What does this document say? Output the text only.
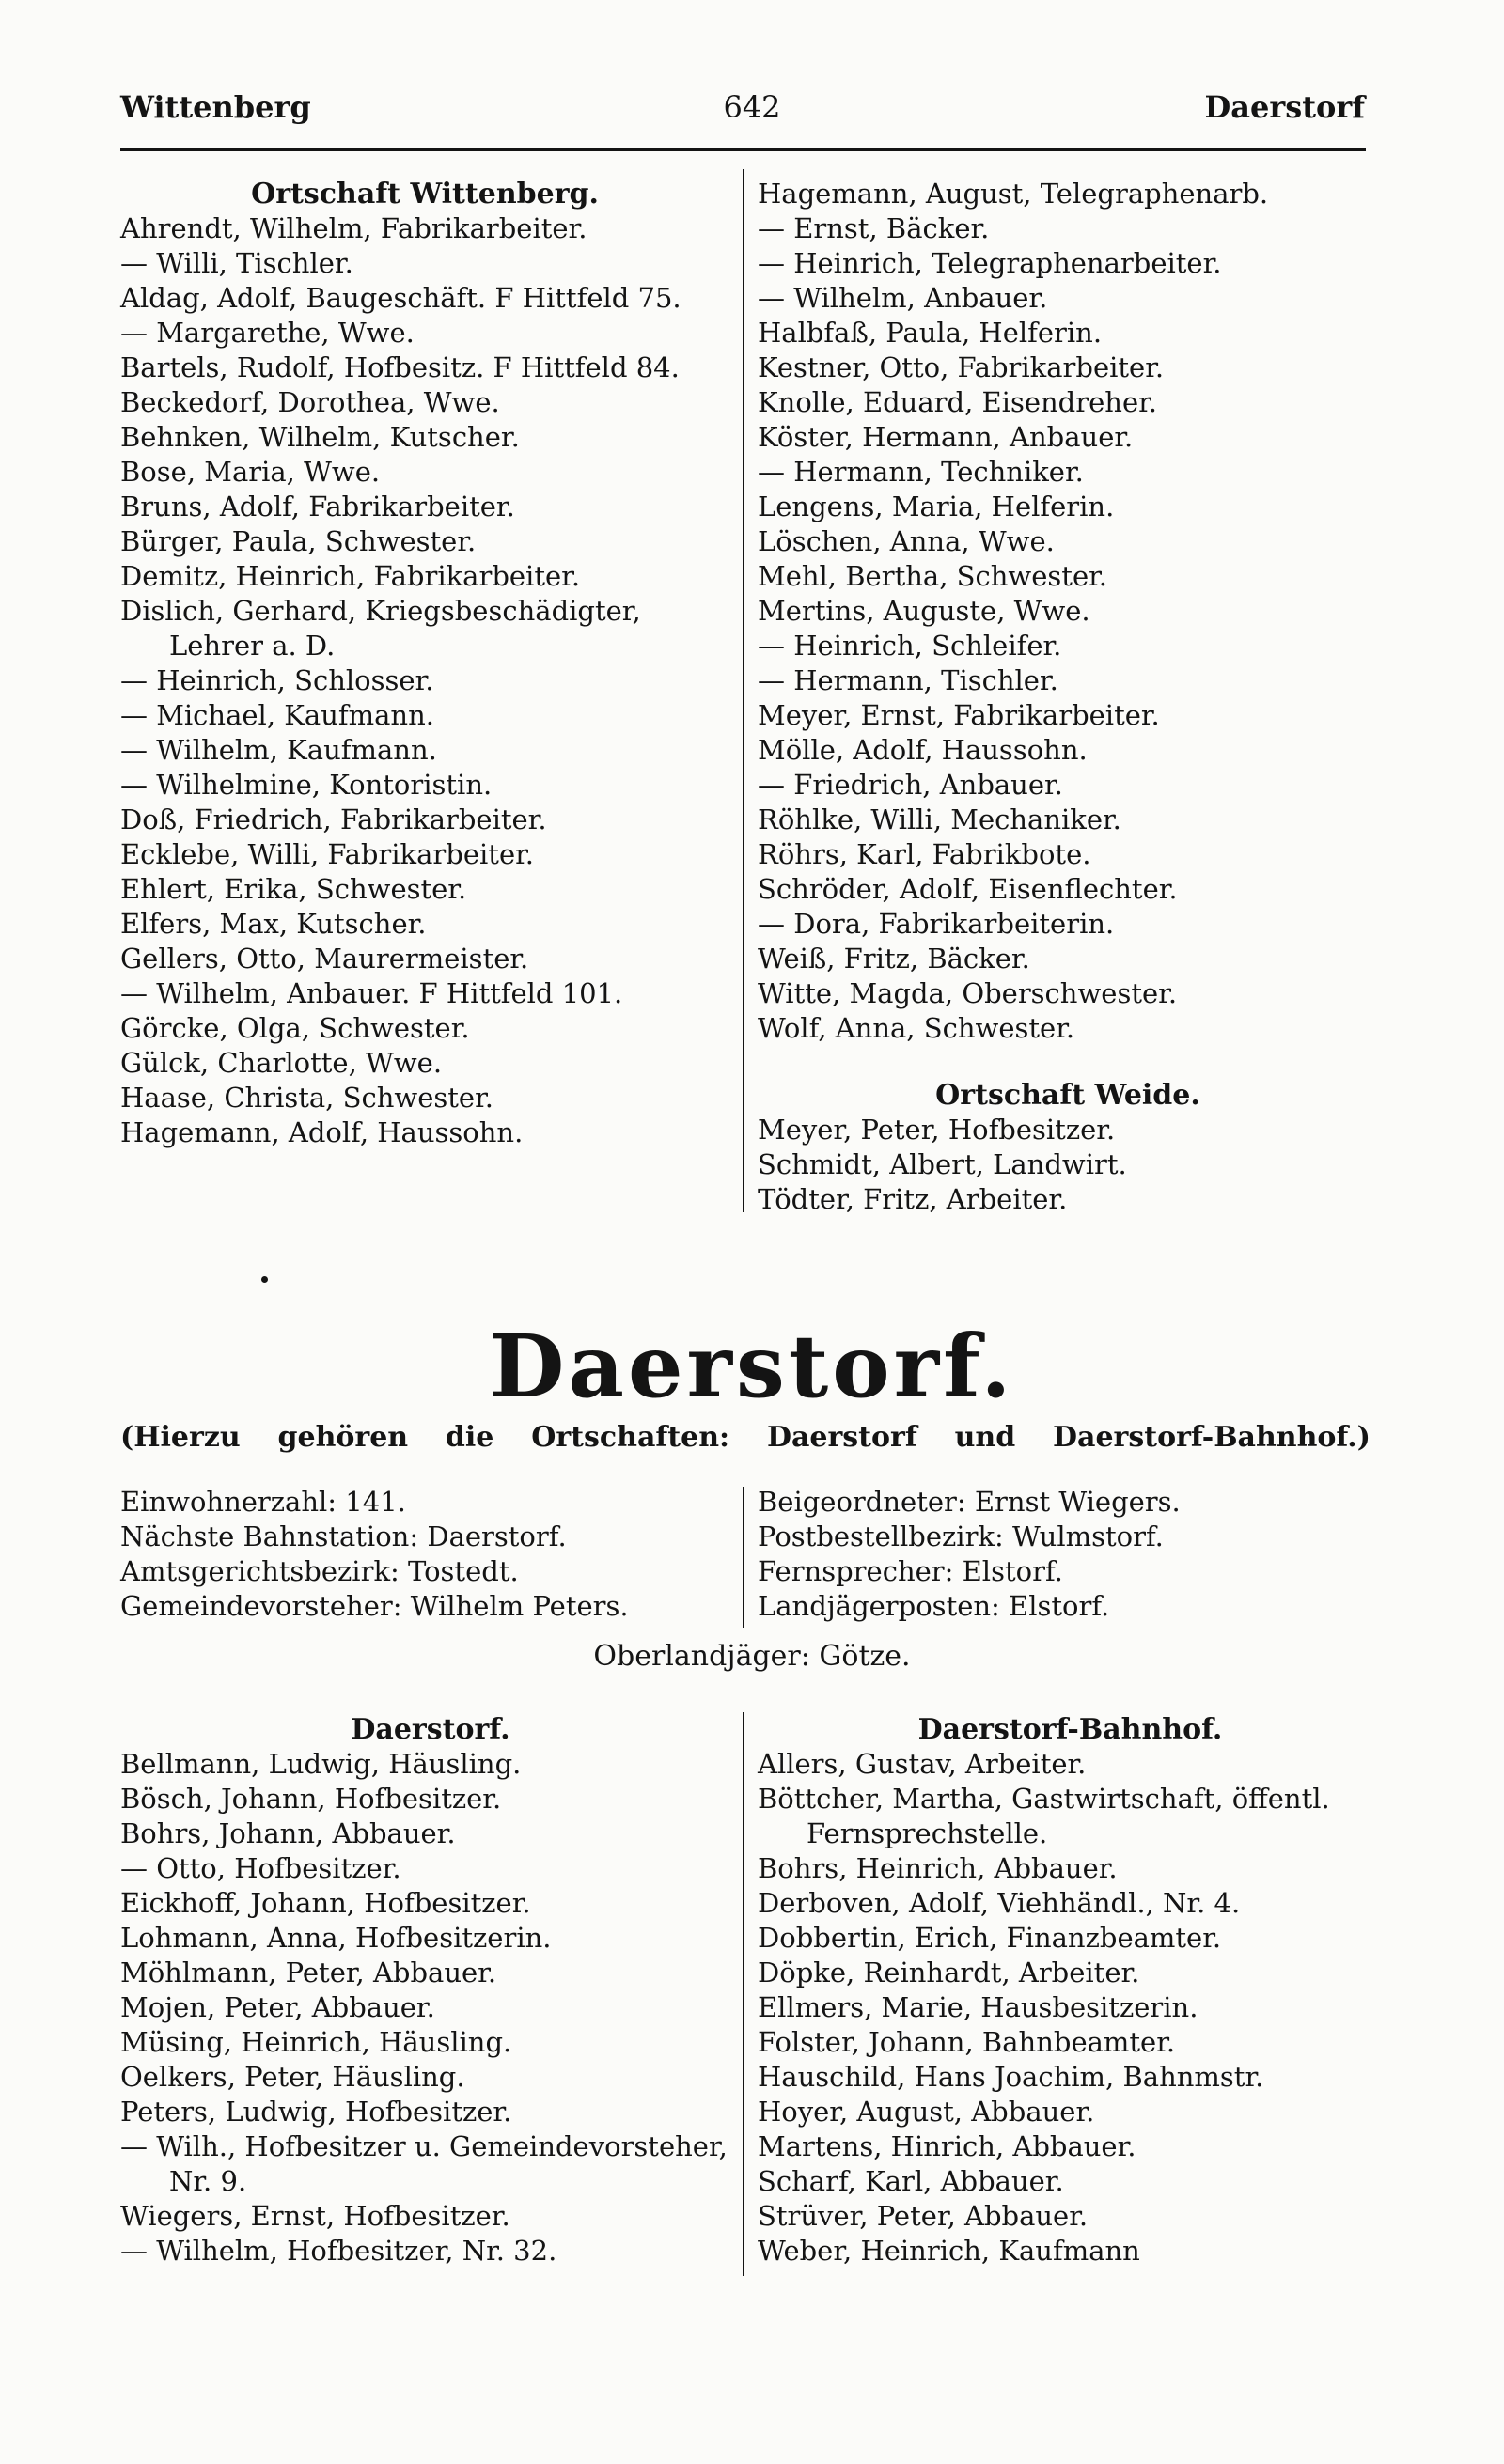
Wittenberg	642	Daerstorf
Ortschaft Wittenberg.
Ahrendt, Wilhelm, Fabrikarbeiter.
— Willi, Tischler.
Aldag, Adolf, Baugeschäft. F Hittfeld 75.
— Margarethe, Wwe.
Bartels, Rudolf, Hofbesitz. F Hittfeld 84.
Beckedorf, Dorothea, Wwe.
Behnken, Wilhelm, Kutscher.
Bose, Maria, Wwe.
Bruns, Adolf, Fabrikarbeiter.
Bürger, Paula, Schwester.
Demitz, Heinrich, Fabrikarbeiter.
Dislich, Gerhard, Kriegsbeschädigter, Lehrer a. D.
— Heinrich, Schlosser.
— Michael, Kaufmann.
— Wilhelm, Kaufmann.
— Wilhelmine, Kontoristin.
Doß, Friedrich, Fabrikarbeiter.
Ecklebe, Willi, Fabrikarbeiter.
Ehlert, Erika, Schwester.
Elfers, Max, Kutscher.
Gellers, Otto, Maurermeister.
— Wilhelm, Anbauer. F Hittfeld 101.
Görcke, Olga, Schwester.
Gülck, Charlotte, Wwe.
Haase, Christa, Schwester.
Hagemann, Adolf, Haussohn.
Hagemann, August, Telegraphenarb.
— Ernst, Bäcker.
— Heinrich, Telegraphenarbeiter.
— Wilhelm, Anbauer.
Halbfaß, Paula, Helferin.
Kestner, Otto, Fabrikarbeiter.
Knolle, Eduard, Eisendreher.
Köster, Hermann, Anbauer.
— Hermann, Techniker.
Lengens, Maria, Helferin.
Löschen, Anna, Wwe.
Mehl, Bertha, Schwester.
Mertins, Auguste, Wwe.
— Heinrich, Schleifer.
— Hermann, Tischler.
Meyer, Ernst, Fabrikarbeiter.
Mölle, Adolf, Haussohn.
— Friedrich, Anbauer.
Röhlke, Willi, Mechaniker.
Röhrs, Karl, Fabrikbote.
Schröder, Adolf, Eisenflechter.
— Dora, Fabrikarbeiterin.
Weiß, Fritz, Bäcker.
Witte, Magda, Oberschwester.
Wolf, Anna, Schwester.
Ortschaft Weide.
Meyer, Peter, Hofbesitzer.
Schmidt, Albert, Landwirt.
Tödter, Fritz, Arbeiter.
Daerstorf.
(Hierzu gehören die Ortschaften: Daerstorf und Daerstorf-Bahnhof.)
Einwohnerzahl: 141.
Nächste Bahnstation: Daerstorf.
Amtsgerichtsbezirk: Tostedt.
Gemeindevorsteher: Wilhelm Peters.
Beigeordneter: Ernst Wiegers.
Postbestellbezirk: Wulmstorf.
Fernsprecher: Elstorf.
Landjägerposten: Elstorf.
Oberlandjäger: Götze.
Daerstorf.
Bellmann, Ludwig, Häusling.
Bösch, Johann, Hofbesitzer.
Bohrs, Johann, Abbauer.
— Otto, Hofbesitzer.
Eickhoff, Johann, Hofbesitzer.
Lohmann, Anna, Hofbesitzerin.
Möhlmann, Peter, Abbauer.
Mojen, Peter, Abbauer.
Müsing, Heinrich, Häusling.
Oelkers, Peter, Häusling.
Peters, Ludwig, Hofbesitzer.
— Wilh., Hofbesitzer u. Gemeindevorsteher, Nr. 9.
Wiegers, Ernst, Hofbesitzer.
— Wilhelm, Hofbesitzer, Nr. 32.
Daerstorf-Bahnhof.
Allers, Gustav, Arbeiter.
Böttcher, Martha, Gastwirtschaft, öffentl. Fernsprechstelle.
Bohrs, Heinrich, Abbauer.
Derboven, Adolf, Viehhändl., Nr. 4.
Dobbertin, Erich, Finanzbeamter.
Döpke, Reinhardt, Arbeiter.
Ellmers, Marie, Hausbesitzerin.
Folster, Johann, Bahnbeamter.
Hauschild, Hans Joachim, Bahnmstr.
Hoyer, August, Abbauer.
Martens, Hinrich, Abbauer.
Scharf, Karl, Abbauer.
Strüver, Peter, Abbauer.
Weber, Heinrich, Kaufmann
